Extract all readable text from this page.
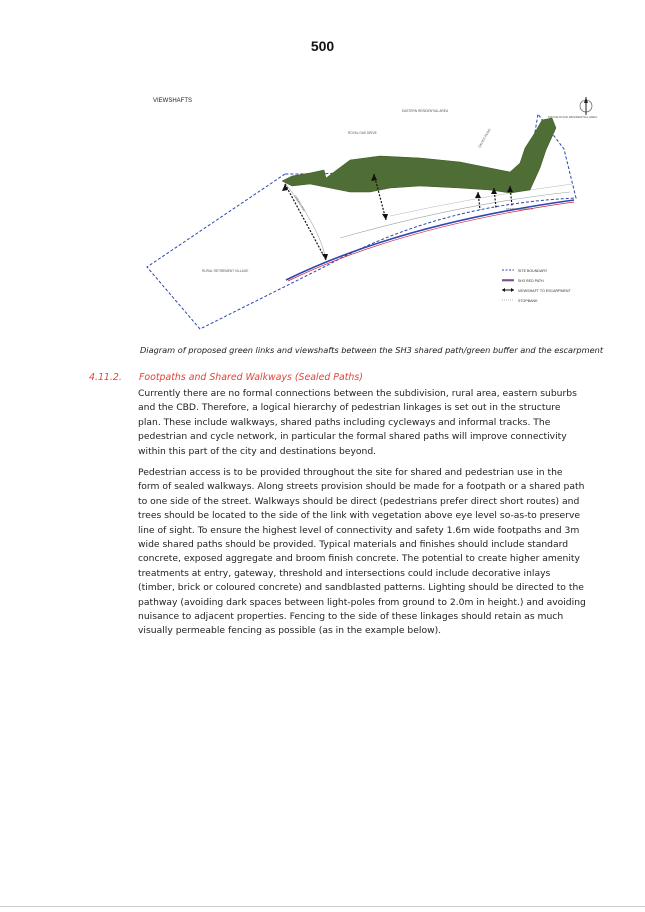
500
VIEWSHAFTS
EASTERN RESIDENTIAL AREA
ROYAL OAK DRIVE	DAVIES ROAD
MAYNE ROAD RESIDENTIAL AREA
STATE HIGHWAY 3
GREEN LINK
RURAL RETIREMENT VILLAGE	SITE BOUNDARY
SH3 RED PATH
VIEWSHAFT TO ESCARPMENT
STOPBANK
Diagram of proposed green links and viewshafts between the SH3 shared path/green buffer and the escarpment
4.11.2. Footpaths and Shared Walkways (Sealed Paths)
Currently there are no formal connections between the subdivision, rural area, eastern suburbs and the CBD. Therefore, a logical hierarchy of pedestrian linkages is set out in the structure plan. These include walkways, shared paths including cycleways and informal tracks. The pedestrian and cycle network, in particular the formal shared paths will improve connectivity within this part of the city and destinations beyond.
Pedestrian access is to be provided throughout the site for shared and pedestrian use in the form of sealed walkways. Along streets provision should be made for a footpath or a shared path to one side of the street. Walkways should be direct (pedestrians prefer direct short routes) and trees should be located to the side of the link with vegetation above eye level so-as-to preserve line of sight. To ensure the highest level of connectivity and safety 1.6m wide footpaths and 3m wide shared paths should be provided. Typical materials and finishes should include standard concrete, exposed aggregate and broom finish concrete. The potential to create higher amenity treatments at entry, gateway, threshold and intersections could include decorative inlays (timber, brick or coloured concrete) and sandblasted patterns. Lighting should be directed to the pathway (avoiding dark spaces between light-poles from ground to 2.0m in height.) and avoiding nuisance to adjacent properties. Fencing to the side of these linkages should retain as much visually permeable fencing as possible (as in the example below).
